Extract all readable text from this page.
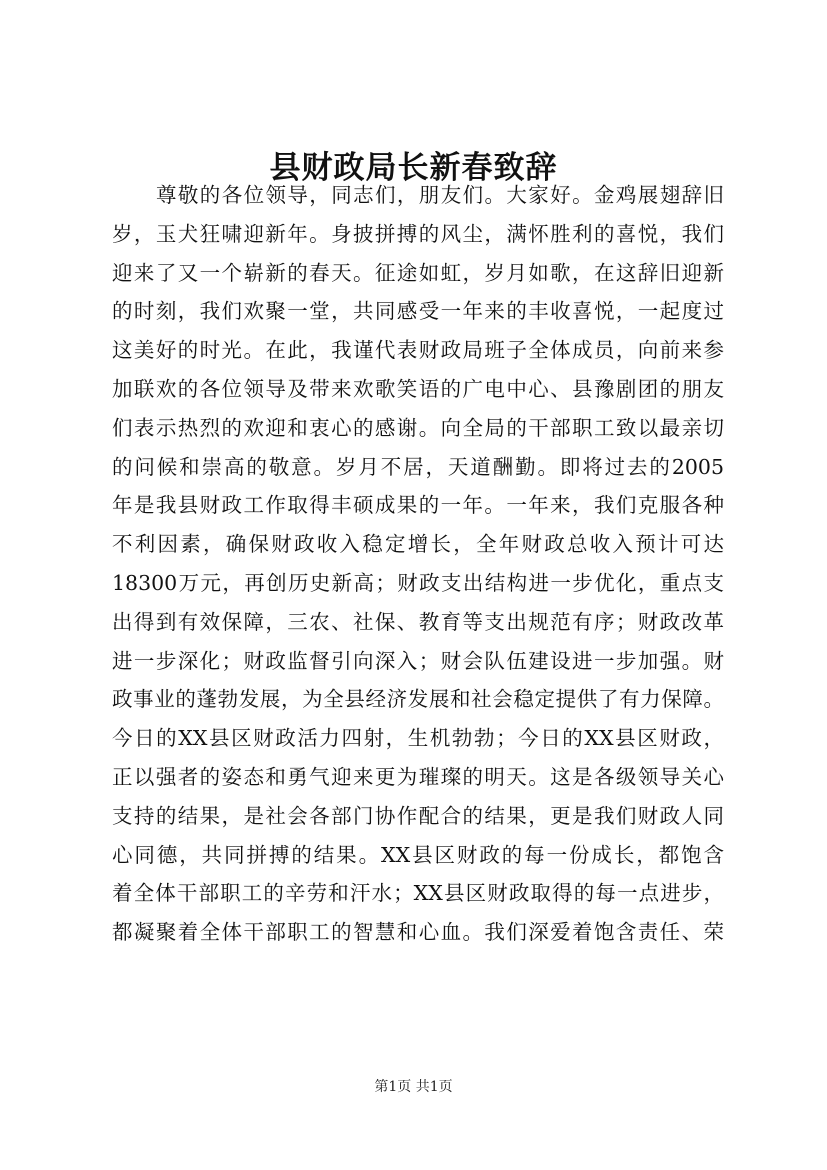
县财政局长新春致辞
尊敬的各位领导，同志们，朋友们。大家好。金鸡展翅辞旧
岁，玉犬狂啸迎新年。身披拼搏的风尘，满怀胜利的喜悦，我们
迎来了又一个崭新的春天。征途如虹，岁月如歌，在这辞旧迎新
的时刻，我们欢聚一堂，共同感受一年来的丰收喜悦，一起度过
这美好的时光。在此，我谨代表财政局班子全体成员，向前来参
加联欢的各位领导及带来欢歌笑语的广电中心、县豫剧团的朋友
们表示热烈的欢迎和衷心的感谢。向全局的干部职工致以最亲切
的问候和崇高的敬意。岁月不居，天道酬勤。即将过去的2005
年是我县财政工作取得丰硕成果的一年。一年来，我们克服各种
不利因素，确保财政收入稳定增长，全年财政总收入预计可达
18300万元，再创历史新高；财政支出结构进一步优化，重点支
出得到有效保障，三农、社保、教育等支出规范有序；财政改革
进一步深化；财政监督引向深入；财会队伍建设进一步加强。财
政事业的蓬勃发展，为全县经济发展和社会稳定提供了有力保障。
今日的XX县区财政活力四射，生机勃勃；今日的XX县区财政，
正以强者的姿态和勇气迎来更为璀璨的明天。这是各级领导关心
支持的结果，是社会各部门协作配合的结果，更是我们财政人同
心同德，共同拼搏的结果。XX县区财政的每一份成长，都饱含
着全体干部职工的辛劳和汗水；XX县区财政取得的每一点进步，
都凝聚着全体干部职工的智慧和心血。我们深爱着饱含责任、荣
第1页 共1页
